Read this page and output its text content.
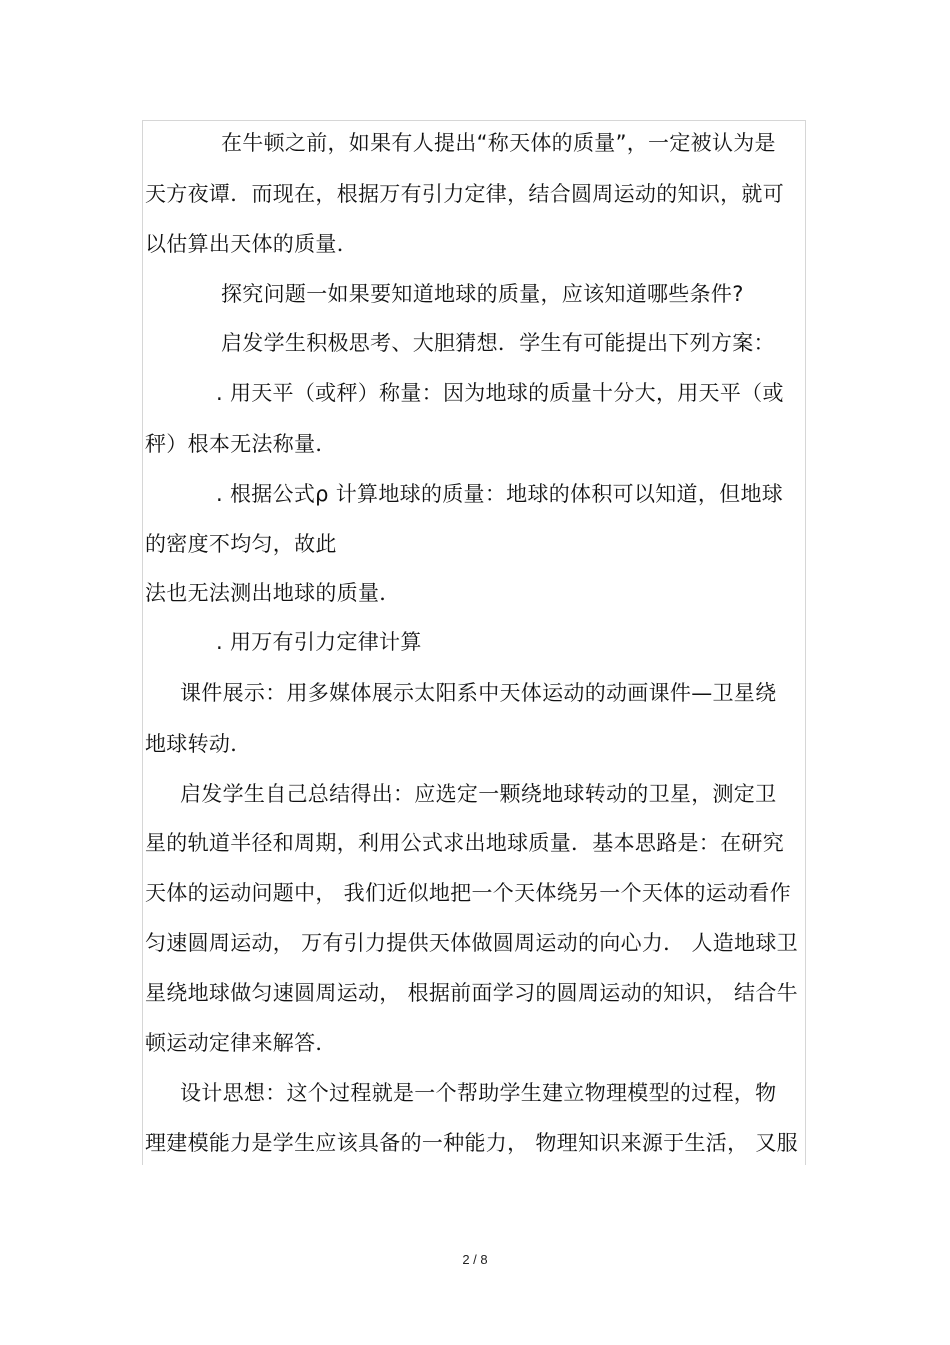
在牛顿之前，如果有人提出“称天体的质量”，一定被认为是
天方夜谭．而现在，根据万有引力定律，结合圆周运动的知识，就可
以估算出天体的质量．
探究问题一如果要知道地球的质量，应该知道哪些条件?
启发学生积极思考、大胆猜想．学生有可能提出下列方案：
. 用天平（或秤）称量：因为地球的质量十分大，用天平（或
秤）根本无法称量．
. 根据公式ρ 计算地球的质量：地球的体积可以知道，但地球
的密度不均匀，故此
法也无法测出地球的质量．
. 用万有引力定律计算
课件展示：用多媒体展示太阳系中天体运动的动画课件—卫星绕
地球转动．
启发学生自己总结得出：应选定一颗绕地球转动的卫星，测定卫
星的轨道半径和周期，利用公式求出地球质量．基本思路是：在研究
天体的运动问题中， 我们近似地把一个天体绕另一个天体的运动看作
匀速圆周运动， 万有引力提供天体做圆周运动的向心力． 人造地球卫
星绕地球做匀速圆周运动， 根据前面学习的圆周运动的知识， 结合牛
顿运动定律来解答．
设计思想：这个过程就是一个帮助学生建立物理模型的过程，物
理建模能力是学生应该具备的一种能力， 物理知识来源于生活， 又服
2 / 8
